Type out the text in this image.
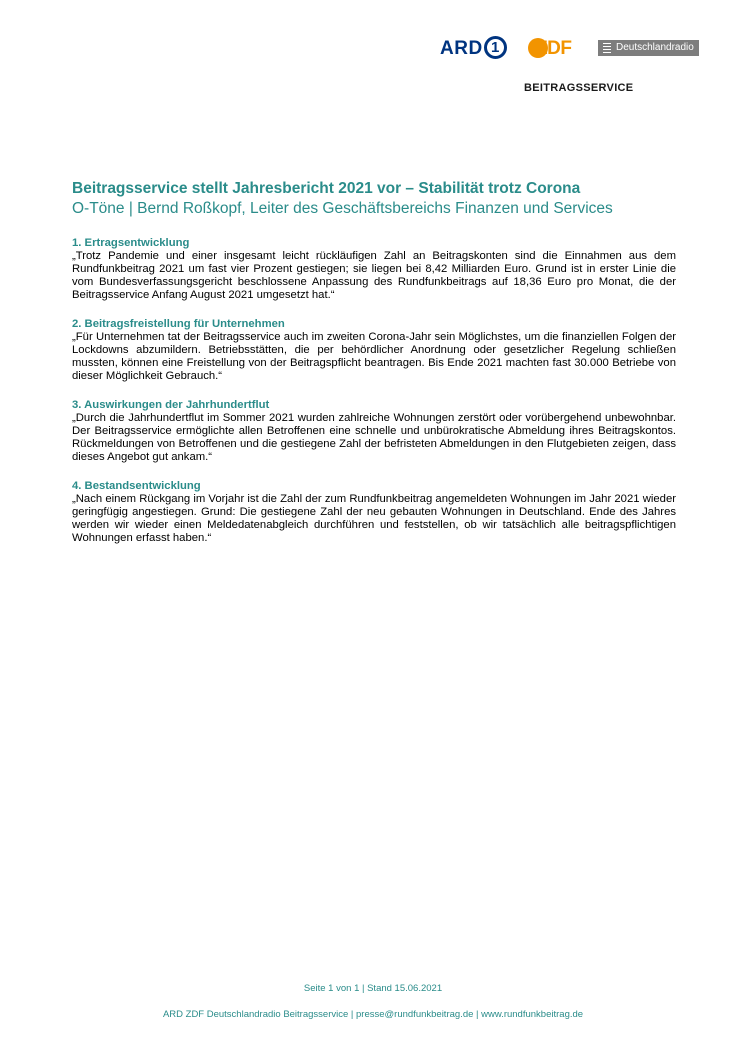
ARD 1 ZDF	Deutschlandradio
BEITRAGSSERVICE
Beitragsservice stellt Jahresbericht 2021 vor – Stabilität trotz Corona
O-Töne | Bernd Roßkopf, Leiter des Geschäftsbereichs Finanzen und Services
1. Ertragsentwicklung

„Trotz Pandemie und einer insgesamt leicht rückläufigen Zahl an Beitragskonten sind die Einnahmen aus dem Rundfunkbeitrag 2021 um fast vier Prozent gestiegen; sie liegen bei 8,42 Milliarden Euro. Grund ist in erster Linie die vom Bundesverfassungsgericht beschlossene Anpassung des Rundfunkbeitrags auf 18,36 Euro pro Monat, die der Beitragsservice Anfang August 2021 umgesetzt hat.“

2. Beitragsfreistellung für Unternehmen

„Für Unternehmen tat der Beitragsservice auch im zweiten Corona-Jahr sein Möglichstes, um die finanziellen Folgen der Lockdowns abzumildern. Betriebsstätten, die per behördlicher Anordnung oder gesetzlicher Regelung schließen mussten, können eine Freistellung von der Beitragspflicht beantragen. Bis Ende 2021 machten fast 30.000 Betriebe von dieser Möglichkeit Gebrauch.“

3. Auswirkungen der Jahrhundertflut

„Durch die Jahrhundertflut im Sommer 2021 wurden zahlreiche Wohnungen zerstört oder vorübergehend unbewohnbar. Der Beitragsservice ermöglichte allen Betroffenen eine schnelle und unbürokratische Abmeldung ihres Beitragskontos. Rückmeldungen von Betroffenen und die gestiegene Zahl der befristeten Abmeldungen in den Flutgebieten zeigen, dass dieses Angebot gut ankam.“

4. Bestandsentwicklung

„Nach einem Rückgang im Vorjahr ist die Zahl der zum Rundfunkbeitrag angemeldeten Wohnungen im Jahr 2021 wieder geringfügig angestiegen. Grund: Die gestiegene Zahl der neu gebauten Wohnungen in Deutschland. Ende des Jahres werden wir wieder einen Meldedatenabgleich durchführen und feststellen, ob wir tatsächlich alle beitragspflichtigen Wohnungen erfasst haben.“

Seite 1 von 1 | Stand 15.06.2021
ARD ZDF Deutschlandradio Beitragsservice | presse@rundfunkbeitrag.de | www.rundfunkbeitrag.de
